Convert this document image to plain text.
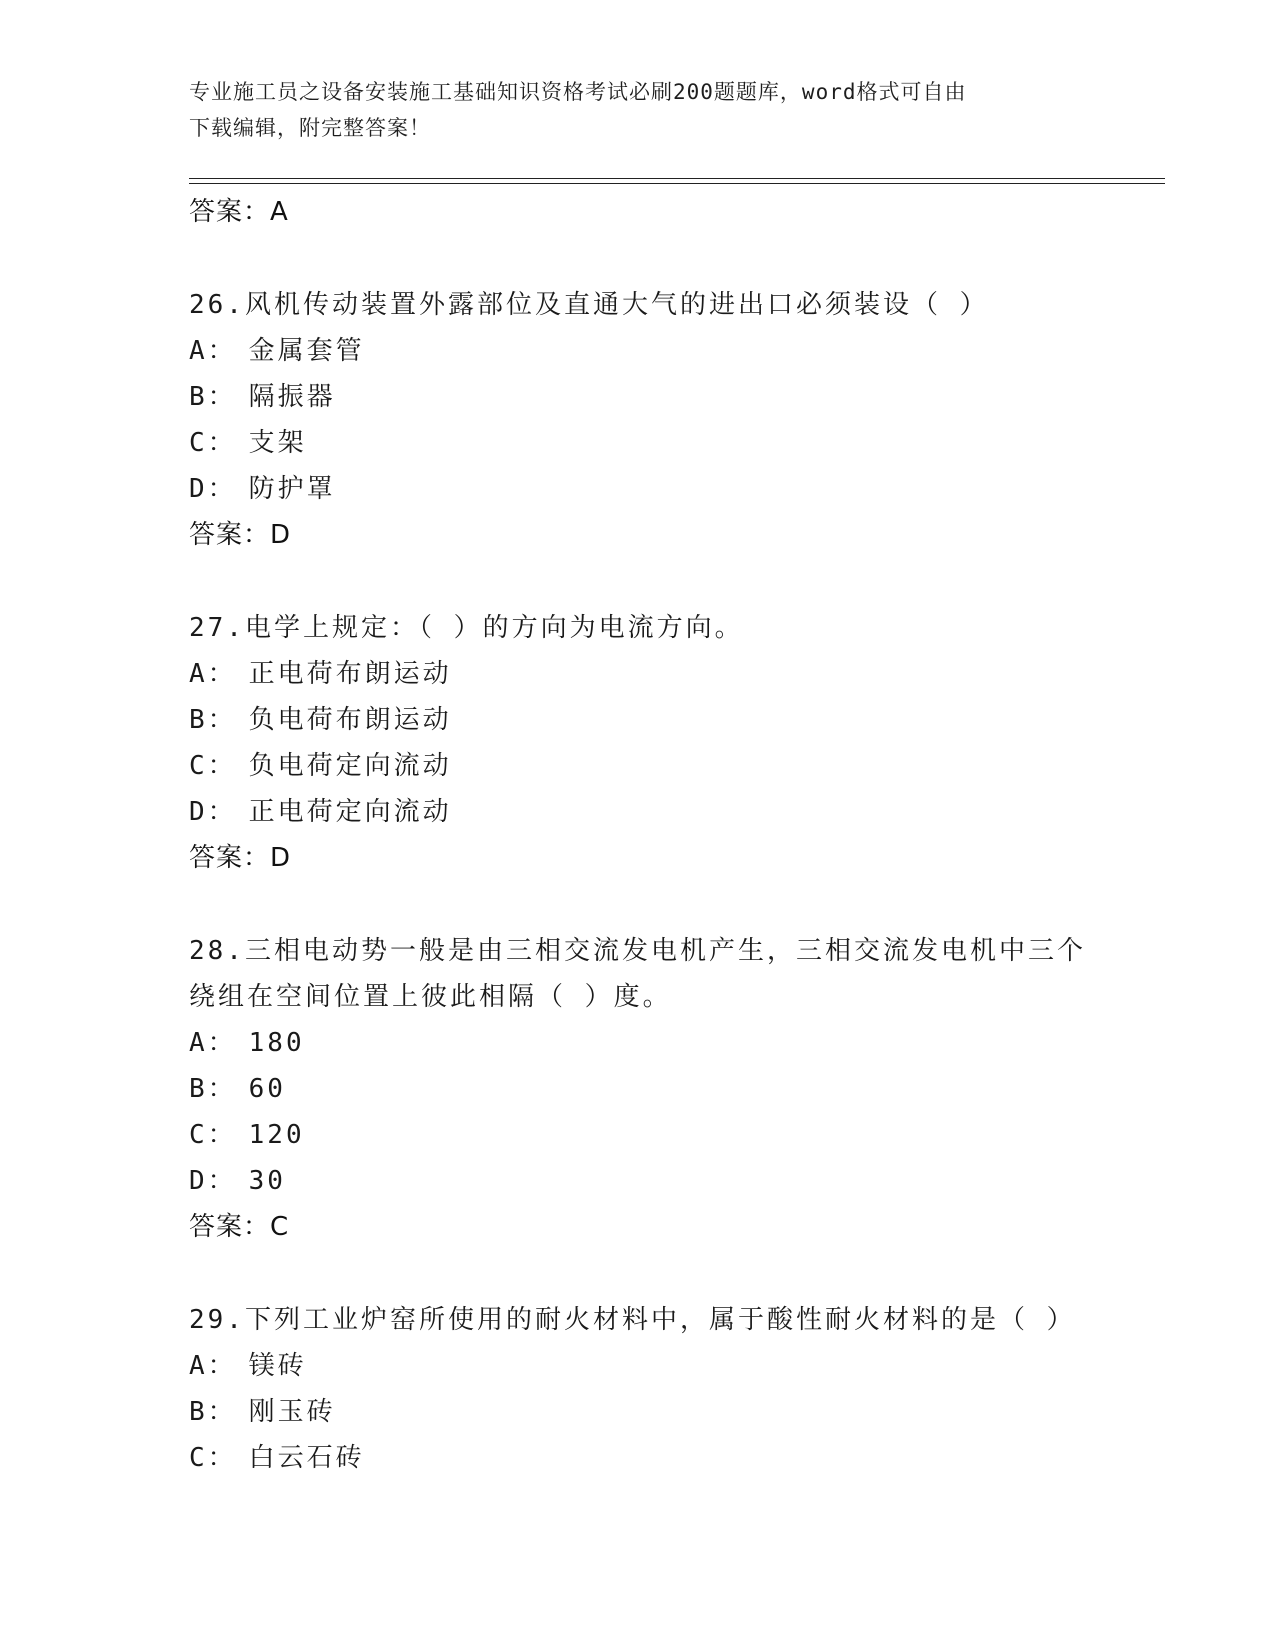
专业施工员之设备安装施工基础知识资格考试必刷200题题库，word格式可自由
下载编辑，附完整答案！
答案：A
26.风机传动装置外露部位及直通大气的进出口必须装设（ ）
A： 金属套管
B： 隔振器
C： 支架
D： 防护罩
答案：D
27.电学上规定：（ ）的方向为电流方向。
A： 正电荷布朗运动
B： 负电荷布朗运动
C： 负电荷定向流动
D： 正电荷定向流动
答案：D
28.三相电动势一般是由三相交流发电机产生，三相交流发电机中三个
绕组在空间位置上彼此相隔（ ）度。
A： 180
B： 60
C： 120
D： 30
答案：C
29.下列工业炉窑所使用的耐火材料中，属于酸性耐火材料的是（ ）
A： 镁砖
B： 刚玉砖
C： 白云石砖
